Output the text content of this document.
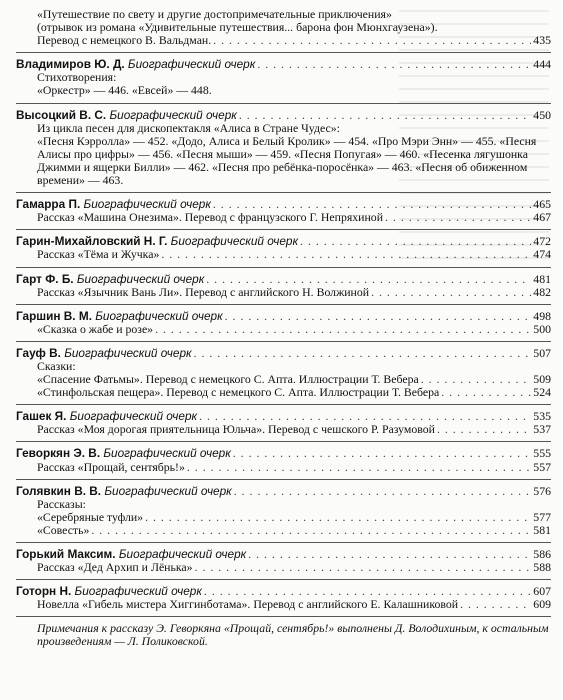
«Путешествие по свету и другие достопримечательные приключения»
(отрывок из романа «Удивительные путешествия... барона фон Мюнхгаузена»).
Перевод с немецкого В. Вальдман. . . .	435
Владимиров Ю. Д. Биографический очерк . . .	444
Стихотворения:
«Оркестр» — 446. «Евсей» — 448.
Высоцкий В. С. Биографический очерк . . .	450
Из цикла песен для дископектакля «Алиса в Стране Чудес»:
«Песня Кэрролла» — 452. «Додо, Алиса и Белый Кролик» — 454. «Про Мэри Энн» — 455. «Песня Алисы про цифры» — 456. «Песня мыши» — 459. «Песня Попугая» — 460. «Песенка лягушонка Джимми и ящерки Билли» — 462. «Песня про ребёнка-поросёнка» — 463. «Песня об обиженном времени» — 463.
Гамарра П. Биографический очерк . . .	465
Рассказ «Машина Онезима». Перевод с французского Г. Непряхиной . . .	467
Гарин-Михайловский Н. Г. Биографический очерк . . .	472
Рассказ «Тёма и Жучка» . . .	474
Гарт Ф. Б. Биографический очерк . . .	481
Рассказ «Язычник Вань Ли». Перевод с английского Н. Волжиной . . .	482
Гаршин В. М. Биографический очерк . . .	498
«Сказка о жабе и розе» . . .	500
Гауф В. Биографический очерк . . .	507
Сказки:
«Спасение Фатьмы». Перевод с немецкого С. Апта. Иллюстрации Т. Вебера . . .	509
«Стинфольская пещера». Перевод с немецкого С. Апта. Иллюстрации Т. Вебера . . .	524
Гашек Я. Биографический очерк . . .	535
Рассказ «Моя дорогая приятельница Юльча». Перевод с чешского Р. Разумовой . . .	537
Геворкян Э. В. Биографический очерк . . .	555
Рассказ «Прощай, сентябрь!» . . .	557
Голявкин В. В. Биографический очерк . . .	576
Рассказы:
«Серебряные туфли» . . .	577
«Совесть» . . .	581
Горький Максим. Биографический очерк . . .	586
Рассказ «Дед Архип и Лёнька» . . .	588
Готорн Н. Биографический очерк . . .	607
Новелла «Гибель мистера Хиггинботама». Перевод с английского Е. Калашниковой . . .	609
Примечания к рассказу Э. Геворкяна «Прощай, сентябрь!» выполнены Д. Володихиным, к остальным произведениям — Л. Поликовской.
